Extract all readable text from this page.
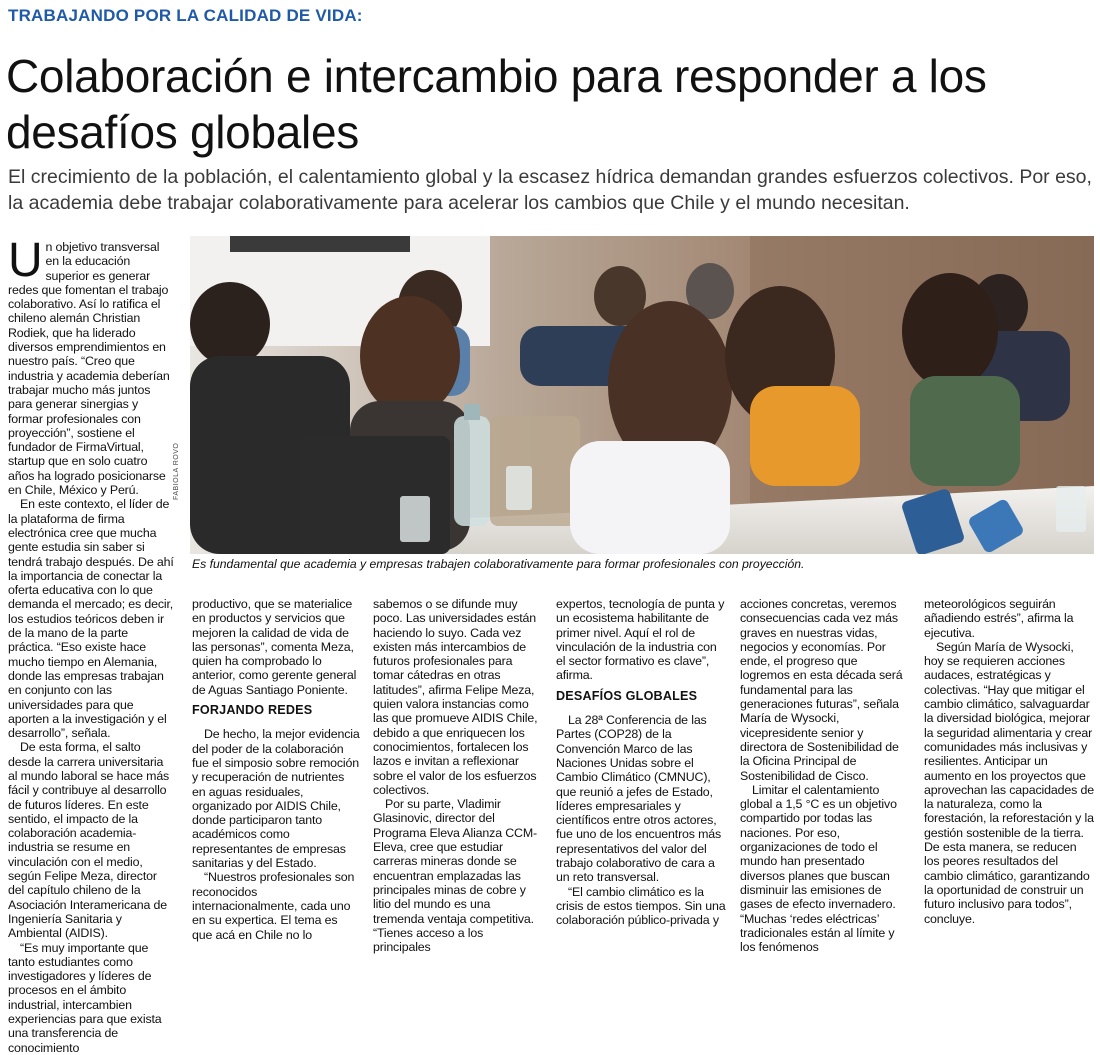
TRABAJANDO POR LA CALIDAD DE VIDA:
Colaboración e intercambio para responder a los desafíos globales

El crecimiento de la población, el calentamiento global y la escasez hídrica demandan grandes esfuerzos colectivos. Por eso, la academia debe trabajar colaborativamente para acelerar los cambios que Chile y el mundo necesitan.

Un objetivo transversal en la educación superior es generar redes que fomentan el trabajo colaborativo. Así lo ratifica el chileno alemán Christian Rodiek, que ha liderado diversos emprendimientos en nuestro país. “Creo que industria y academia deberían trabajar mucho más juntos para generar sinergias y formar profesionales con proyección”, sostiene el fundador de FirmaVirtual, startup que en solo cuatro años ha logrado posicionarse en Chile, México y Perú.

En este contexto, el líder de la plataforma de firma electrónica cree que mucha gente estudia sin saber si tendrá trabajo después. De ahí la importancia de conectar la oferta educativa con lo que demanda el mercado; es decir, los estudios teóricos deben ir de la mano de la parte práctica. “Eso existe hace mucho tiempo en Alemania, donde las empresas trabajan en conjunto con las universidades para que aporten a la investigación y el desarrollo”, señala.

De esta forma, el salto desde la carrera universitaria al mundo laboral se hace más fácil y contribuye al desarrollo de futuros líderes. En este sentido, el impacto de la colaboración academia-industria se resume en vinculación con el medio, según Felipe Meza, director del capítulo chileno de la Asociación Interamericana de Ingeniería Sanitaria y Ambiental (AIDIS).

“Es muy importante que tanto estudiantes como investigadores y líderes de procesos en el ámbito industrial, intercambien experiencias para que exista una transferencia de conocimiento

FABIOLA ROVO
Es fundamental que academia y empresas trabajen colaborativamente para formar profesionales con proyección.

productivo, que se materialice en productos y servicios que mejoren la calidad de vida de las personas”, comenta Meza, quien ha comprobado lo anterior, como gerente general de Aguas Santiago Poniente.

FORJANDO REDES

De hecho, la mejor evidencia del poder de la colaboración fue el simposio sobre remoción y recuperación de nutrientes en aguas residuales, organizado por AIDIS Chile, donde participaron tanto académicos como representantes de empresas sanitarias y del Estado.

“Nuestros profesionales son reconocidos internacionalmente, cada uno en su expertica. El tema es que acá en Chile no lo

sabemos o se difunde muy poco. Las universidades están haciendo lo suyo. Cada vez existen más intercambios de futuros profesionales para tomar cátedras en otras latitudes”, afirma Felipe Meza, quien valora instancias como las que promueve AIDIS Chile, debido a que enriquecen los conocimientos, fortalecen los lazos e invitan a reflexionar sobre el valor de los esfuerzos colectivos.

Por su parte, Vladimir Glasinovic, director del Programa Eleva Alianza CCM-Eleva, cree que estudiar carreras mineras donde se encuentran emplazadas las principales minas de cobre y litio del mundo es una tremenda ventaja competitiva. “Tienes acceso a los principales

expertos, tecnología de punta y un ecosistema habilitante de primer nivel. Aquí el rol de vinculación de la industria con el sector formativo es clave”, afirma.

DESAFÍOS GLOBALES

La 28ª Conferencia de las Partes (COP28) de la Convención Marco de las Naciones Unidas sobre el Cambio Climático (CMNUC), que reunió a jefes de Estado, líderes empresariales y científicos entre otros actores, fue uno de los encuentros más representativos del valor del trabajo colaborativo de cara a un reto transversal.

“El cambio climático es la crisis de estos tiempos. Sin una colaboración público-privada y

acciones concretas, veremos consecuencias cada vez más graves en nuestras vidas, negocios y economías. Por ende, el progreso que logremos en esta década será fundamental para las generaciones futuras”, señala María de Wysocki, vicepresidente senior y directora de Sostenibilidad de la Oficina Principal de Sostenibilidad de Cisco.

Limitar el calentamiento global a 1,5 °C es un objetivo compartido por todas las naciones. Por eso, organizaciones de todo el mundo han presentado diversos planes que buscan disminuir las emisiones de gases de efecto invernadero. “Muchas ‘redes eléctricas’ tradicionales están al límite y los fenómenos

meteorológicos seguirán añadiendo estrés”, afirma la ejecutiva.

Según María de Wysocki, hoy se requieren acciones audaces, estratégicas y colectivas. “Hay que mitigar el cambio climático, salvaguardar la diversidad biológica, mejorar la seguridad alimentaria y crear comunidades más inclusivas y resilientes. Anticipar un aumento en los proyectos que aprovechan las capacidades de la naturaleza, como la forestación, la reforestación y la gestión sostenible de la tierra. De esta manera, se reducen los peores resultados del cambio climático, garantizando la oportunidad de construir un futuro inclusivo para todos”, concluye.
